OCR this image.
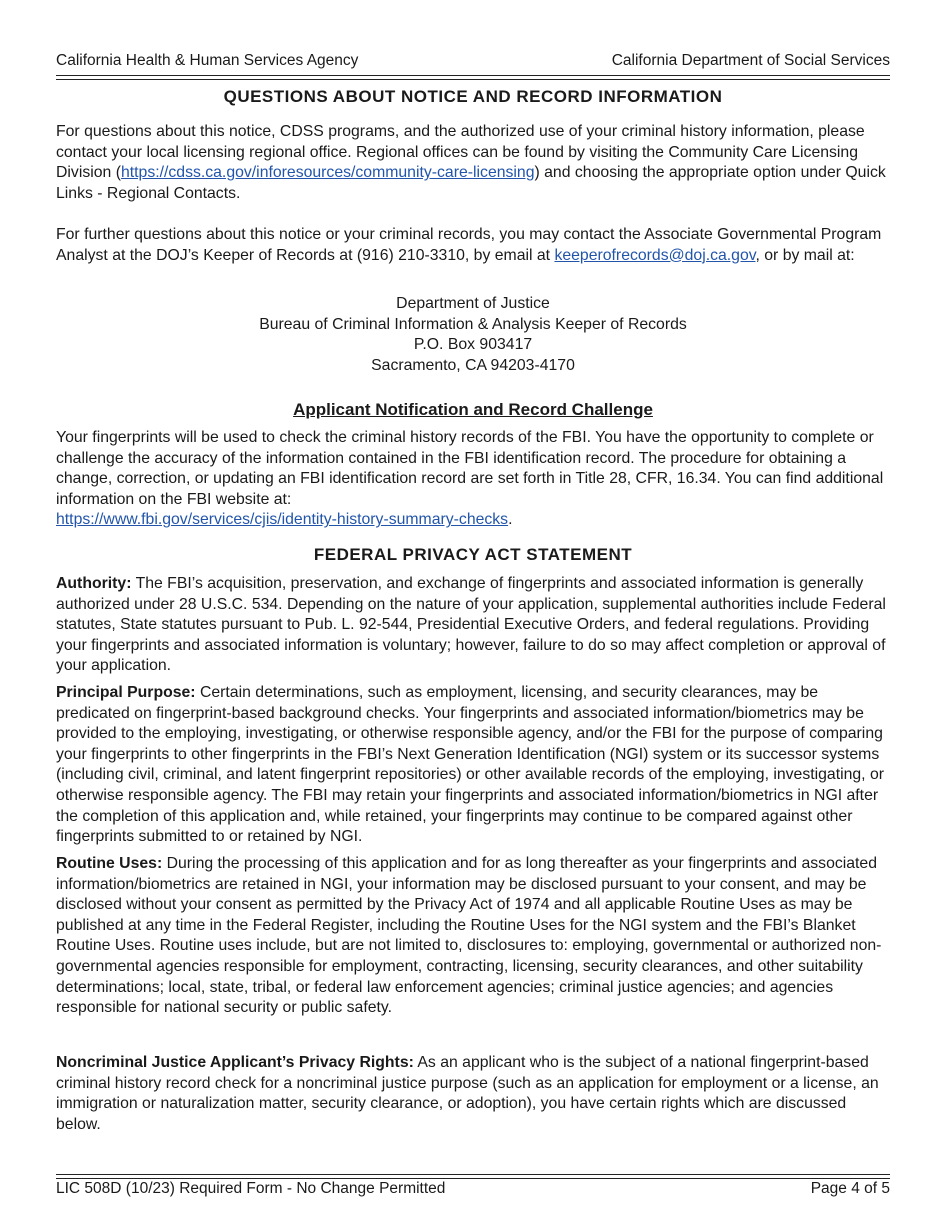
California Health & Human Services Agency	California Department of Social Services
QUESTIONS ABOUT NOTICE AND RECORD INFORMATION

For questions about this notice, CDSS programs, and the authorized use of your criminal history information, please contact your local licensing regional office. Regional offices can be found by visiting the Community Care Licensing Division (https://cdss.ca.gov/inforesources/community-care-licensing) and choosing the appropriate option under Quick Links - Regional Contacts.

For further questions about this notice or your criminal records, you may contact the Associate Governmental Program Analyst at the DOJ’s Keeper of Records at (916) 210-3310, by email at keeperofrecords@doj.ca.gov, or by mail at:

Department of Justice
Bureau of Criminal Information & Analysis Keeper of Records
P.O. Box 903417
Sacramento, CA 94203-4170
Applicant Notification and Record Challenge

Your fingerprints will be used to check the criminal history records of the FBI. You have the opportunity to complete or challenge the accuracy of the information contained in the FBI identification record. The procedure for obtaining a change, correction, or updating an FBI identification record are set forth in Title 28, CFR, 16.34. You can find additional information on the FBI website at:
https://www.fbi.gov/services/cjis/identity-history-summary-checks.

FEDERAL PRIVACY ACT STATEMENT

Authority: The FBI’s acquisition, preservation, and exchange of fingerprints and associated information is generally authorized under 28 U.S.C. 534. Depending on the nature of your application, supplemental authorities include Federal statutes, State statutes pursuant to Pub. L. 92-544, Presidential Executive Orders, and federal regulations. Providing your fingerprints and associated information is voluntary; however, failure to do so may affect completion or approval of your application.

Principal Purpose: Certain determinations, such as employment, licensing, and security clearances, may be predicated on fingerprint-based background checks. Your fingerprints and associated information/biometrics may be provided to the employing, investigating, or otherwise responsible agency, and/or the FBI for the purpose of comparing your fingerprints to other fingerprints in the FBI’s Next Generation Identification (NGI) system or its successor systems (including civil, criminal, and latent fingerprint repositories) or other available records of the employing, investigating, or otherwise responsible agency. The FBI may retain your fingerprints and associated information/biometrics in NGI after the completion of this application and, while retained, your fingerprints may continue to be compared against other fingerprints submitted to or retained by NGI.

Routine Uses: During the processing of this application and for as long thereafter as your fingerprints and associated information/biometrics are retained in NGI, your information may be disclosed pursuant to your consent, and may be disclosed without your consent as permitted by the Privacy Act of 1974 and all applicable Routine Uses as may be published at any time in the Federal Register, including the Routine Uses for the NGI system and the FBI’s Blanket Routine Uses. Routine uses include, but are not limited to, disclosures to: employing, governmental or authorized non-governmental agencies responsible for employment, contracting, licensing, security clearances, and other suitability determinations; local, state, tribal, or federal law enforcement agencies; criminal justice agencies; and agencies responsible for national security or public safety.

Noncriminal Justice Applicant’s Privacy Rights: As an applicant who is the subject of a national fingerprint-based criminal history record check for a noncriminal justice purpose (such as an application for employment or a license, an immigration or naturalization matter, security clearance, or adoption), you have certain rights which are discussed below.

LIC 508D (10/23) Required Form - No Change Permitted	Page 4 of 5
